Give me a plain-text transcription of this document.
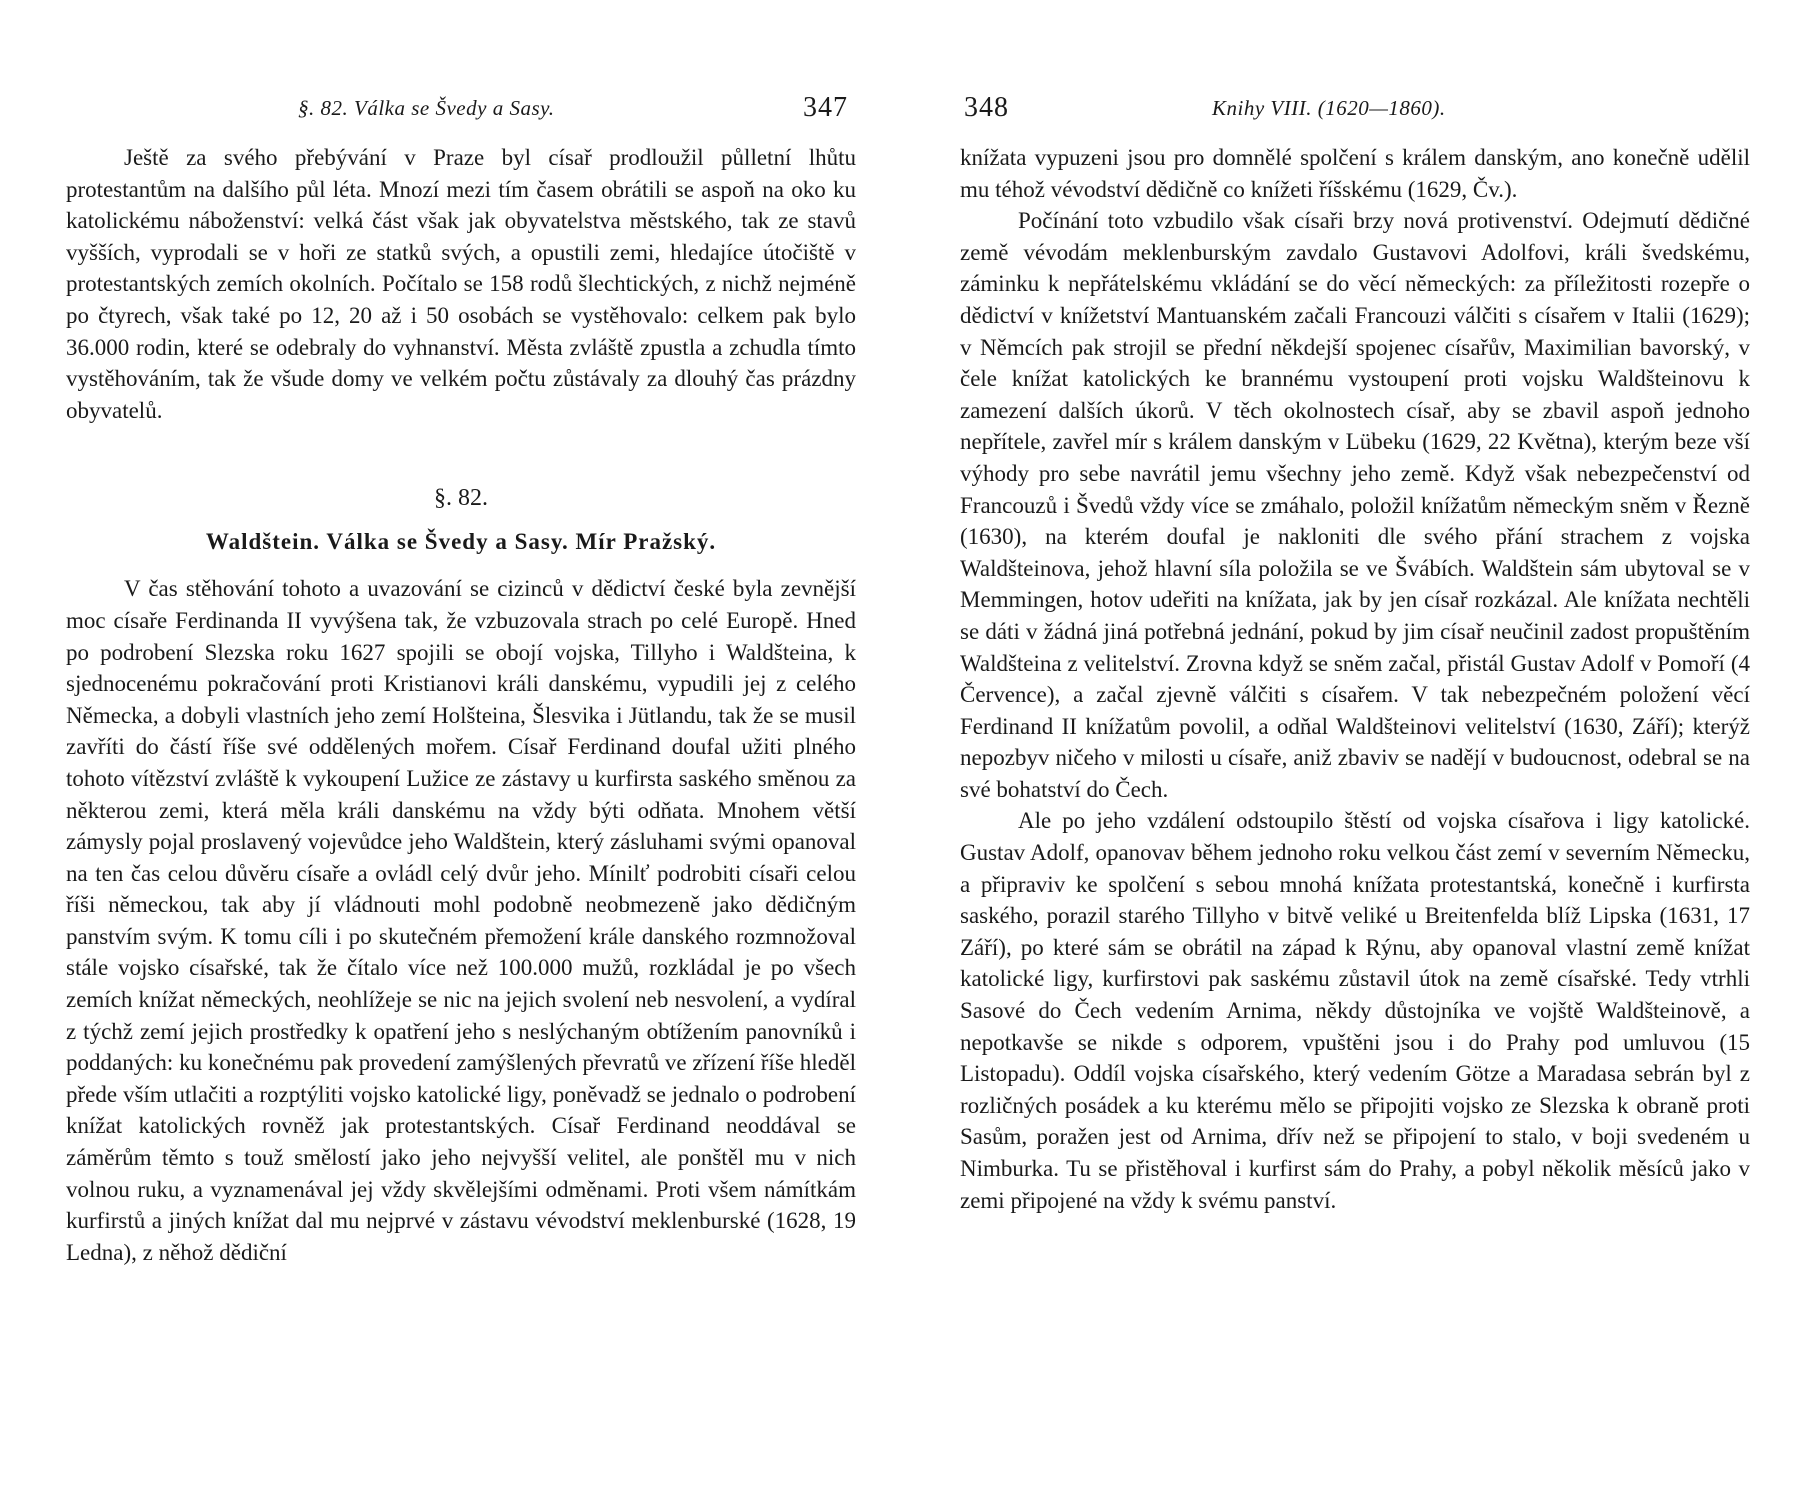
§. 82. Válka se Švedy a Sasy.	347

Ještě za svého přebývání v Praze byl císař prodloužil půlletní lhůtu protestantům na dalšího půl léta. Mnozí mezi tím časem obrátili se aspoň na oko ku katolickému náboženství: velká část však jak obyvatelstva městského, tak ze stavů vyšších, vyprodali se v hoři ze statků svých, a opustili zemi, hledajíce útočiště v protestantských zemích okolních. Počítalo se 158 rodů šlechtických, z nichž nejméně po čtyrech, však také po 12, 20 až i 50 osobách se vystěhovalo: celkem pak bylo 36.000 rodin, které se odebraly do vyhnanství. Města zvláště zpustla a zchudla tímto vystěhováním, tak že všude domy ve velkém počtu zůstávaly za dlouhý čas prázdny obyvatelů.

§. 82.
Waldštein. Válka se Švedy a Sasy. Mír Pražský.

V čas stěhování tohoto a uvazování se cizinců v dědictví české byla zevnější moc císaře Ferdinanda II vyvýšena tak, že vzbuzovala strach po celé Europě. Hned po podrobení Slezska roku 1627 spojili se obojí vojska, Tillyho i Waldšteina, k sjednocenému pokračování proti Kristianovi králi danskému, vypudili jej z celého Německa, a dobyli vlastních jeho zemí Holšteina, Šlesvika i Jütlandu, tak že se musil zavříti do částí říše své oddělených mořem. Císař Ferdinand doufal užiti plného tohoto vítězství zvláště k vykoupení Lužice ze zástavy u kurfirsta saského směnou za některou zemi, která měla králi danskému na vždy býti odňata. Mnohem větší zámysly pojal proslavený vojevůdce jeho Waldštein, který zásluhami svými opanoval na ten čas celou důvěru císaře a ovládl celý dvůr jeho. Mínilť podrobiti císaři celou říši německou, tak aby jí vládnouti mohl podobně neobmezeně jako dědičným panstvím svým. K tomu cíli i po skutečném přemožení krále danského rozmnožoval stále vojsko císařské, tak že čítalo více než 100.000 mužů, rozkládal je po všech zemích knížat německých, neohlížeje se nic na jejich svolení neb nesvolení, a vydíral z týchž zemí jejich prostředky k opatření jeho s neslýchaným obtížením panovníků i poddaných: ku konečnému pak provedení zamýšlených převratů ve zřízení říše hleděl přede vším utlačiti a rozptýliti vojsko katolické ligy, poněvadž se jednalo o podrobení knížat katolických rovněž jak protestantských. Císař Ferdinand neoddával se záměrům těmto s touž smělostí jako jeho nejvyšší velitel, ale ponštěl mu v nich volnou ruku, a vyznamenával jej vždy skvělejšími odměnami. Proti všem námítkám kurfirstů a jiných knížat dal mu nejprvé v zástavu vévodství meklenburské (1628, 19 Ledna), z něhož dědiční

348	Knihy VIII. (1620—1860).

knížata vypuzeni jsou pro domnělé spolčení s králem danským, ano konečně udělil mu téhož vévodství dědičně co knížeti říšskému (1629, Čv.).

Počínání toto vzbudilo však císaři brzy nová protivenství. Odejmutí dědičné země vévodám meklenburským zavdalo Gustavovi Adolfovi, králi švedskému, záminku k nepřátelskému vkládání se do věcí německých: za příležitosti rozepře o dědictví v knížetství Mantuanském začali Francouzi válčiti s císařem v Italii (1629); v Němcích pak strojil se přední někdejší spojenec císařův, Maximilian bavorský, v čele knížat katolických ke brannému vystoupení proti vojsku Waldšteinovu k zamezení dalších úkorů. V těch okolnostech císař, aby se zbavil aspoň jednoho nepřítele, zavřel mír s králem danským v Lübeku (1629, 22 Května), kterým beze vší výhody pro sebe navrátil jemu všechny jeho země. Když však nebezpečenství od Francouzů i Švedů vždy více se zmáhalo, položil knížatům německým sněm v Řezně (1630), na kterém doufal je nakloniti dle svého přání strachem z vojska Waldšteinova, jehož hlavní síla položila se ve Švábích. Waldštein sám ubytoval se v Memmingen, hotov udeřiti na knížata, jak by jen císař rozkázal. Ale knížata nechtěli se dáti v žádná jiná potřebná jednání, pokud by jim císař neučinil zadost propuštěním Waldšteina z velitelství. Zrovna když se sněm začal, přistál Gustav Adolf v Pomoří (4 Července), a začal zjevně válčiti s císařem. V tak nebezpečném položení věcí Ferdinand II knížatům povolil, a odňal Waldšteinovi velitelství (1630, Září); kterýž nepozbyv ničeho v milosti u císaře, aniž zbaviv se nadějí v budoucnost, odebral se na své bohatství do Čech.

Ale po jeho vzdálení odstoupilo štěstí od vojska císařova i ligy katolické. Gustav Adolf, opanovav během jednoho roku velkou část zemí v severním Německu, a připraviv ke spolčení s sebou mnohá knížata protestantská, konečně i kurfirsta saského, porazil starého Tillyho v bitvě veliké u Breitenfelda blíž Lipska (1631, 17 Září), po které sám se obrátil na západ k Rýnu, aby opanoval vlastní země knížat katolické ligy, kurfirstovi pak saskému zůstavil útok na země císařské. Tedy vtrhli Sasové do Čech vedením Arnima, někdy důstojníka ve vojště Waldšteinově, a nepotkavše se nikde s odporem, vpuštěni jsou i do Prahy pod umluvou (15 Listopadu). Oddíl vojska císařského, který vedením Götze a Maradasa sebrán byl z rozličných posádek a ku kterému mělo se připojiti vojsko ze Slezska k obraně proti Sasům, poražen jest od Arnima, dřív než se připojení to stalo, v boji svedeném u Nimburka. Tu se přistěhoval i kurfirst sám do Prahy, a pobyl několik měsíců jako v zemi připojené na vždy k svému panství.
